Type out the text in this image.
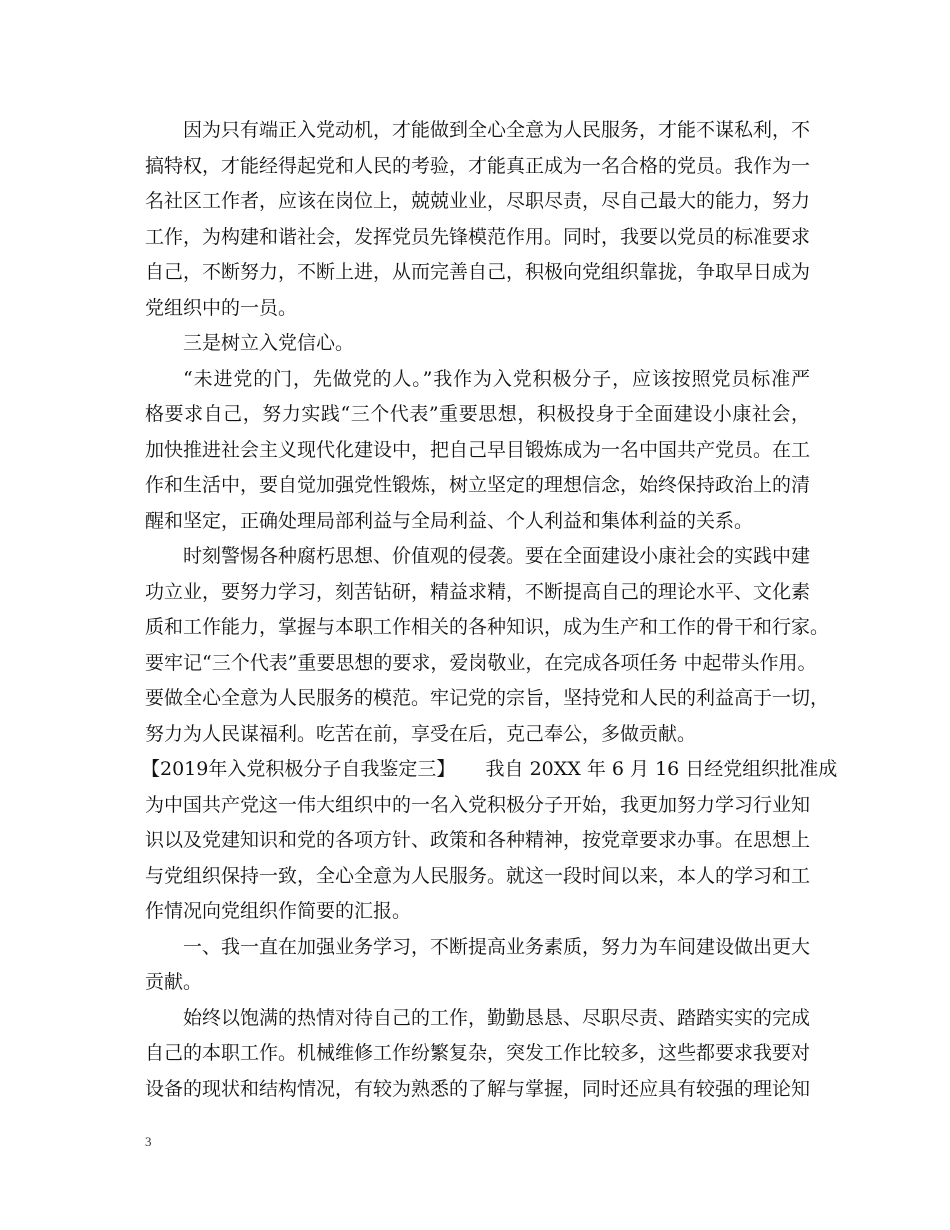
因为只有端正入党动机，才能做到全心全意为人民服务，才能不谋私利，不
搞特权，才能经得起党和人民的考验，才能真正成为一名合格的党员。我作为一
名社区工作者，应该在岗位上，兢兢业业，尽职尽责，尽自己最大的能力，努力
工作，为构建和谐社会，发挥党员先锋模范作用。同时，我要以党员的标准要求
自己，不断努力，不断上进，从而完善自己，积极向党组织靠拢，争取早日成为
党组织中的一员。
三是树立入党信心。
“未进党的门，先做党的人。”我作为入党积极分子，应该按照党员标准严
格要求自己，努力实践“三个代表”重要思想，积极投身于全面建设小康社会，
加快推进社会主义现代化建设中，把自己早目锻炼成为一名中国共产党员。在工
作和生活中，要自觉加强党性锻炼，树立坚定的理想信念，始终保持政治上的清
醒和坚定，正确处理局部利益与全局利益、个人利益和集体利益的关系。
时刻警惕各种腐朽思想、价值观的侵袭。要在全面建设小康社会的实践中建
功立业，要努力学习，刻苦钻研，精益求精，不断提高自己的理论水平、文化素
质和工作能力，掌握与本职工作相关的各种知识，成为生产和工作的骨干和行家。
要牢记“三个代表”重要思想的要求，爱岗敬业，在完成各项任务 中起带头作用。
要做全心全意为人民服务的模范。牢记党的宗旨，坚持党和人民的利益高于一切，
努力为人民谋福利。吃苦在前，享受在后，克己奉公，多做贡献。
【2019年入党积极分子自我鉴定三】     我自 20XX 年 6 月 16 日经党组织批准成
为中国共产党这一伟大组织中的一名入党积极分子开始，我更加努力学习行业知
识以及党建知识和党的各项方针、政策和各种精神，按党章要求办事。在思想上
与党组织保持一致，全心全意为人民服务。就这一段时间以来，本人的学习和工
作情况向党组织作简要的汇报。
一、我一直在加强业务学习，不断提高业务素质，努力为车间建设做出更大
贡献。
始终以饱满的热情对待自己的工作，勤勤恳恳、尽职尽责、踏踏实实的完成
自己的本职工作。机械维修工作纷繁复杂，突发工作比较多，这些都要求我要对
设备的现状和结构情况，有较为熟悉的了解与掌握，同时还应具有较强的理论知
3
